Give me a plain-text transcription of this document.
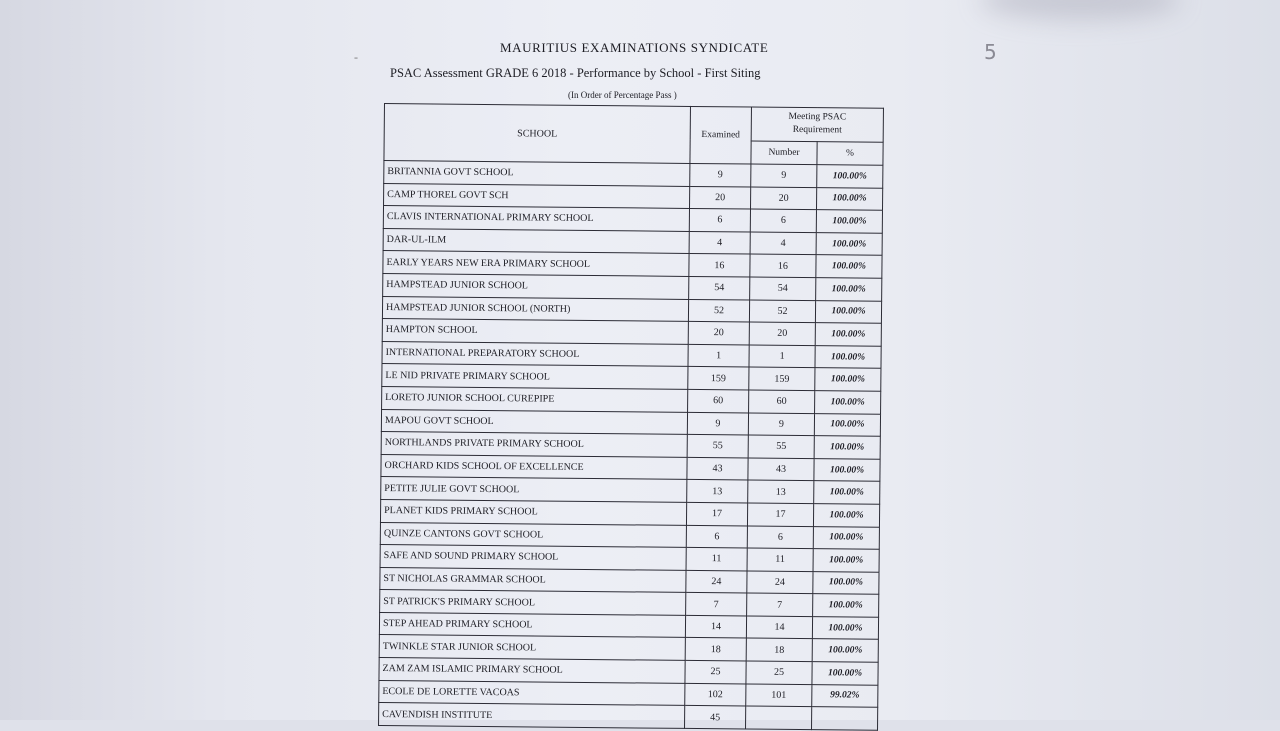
5
-
MAURITIUS EXAMINATIONS SYNDICATE
PSAC Assessment GRADE 6 2018 - Performance by School - First Siting
(In Order of Percentage Pass )
SCHOOL	Examined	Meeting PSAC
Requirement	

		Number	%
BRITANNIA GOVT SCHOOL	9	9	100.00%
CAMP THOREL GOVT SCH	20	20	100.00%
CLAVIS INTERNATIONAL PRIMARY SCHOOL	6	6	100.00%
DAR-UL-ILM	4	4	100.00%
EARLY YEARS NEW ERA PRIMARY SCHOOL	16	16	100.00%
HAMPSTEAD JUNIOR SCHOOL	54	54	100.00%
HAMPSTEAD JUNIOR SCHOOL (NORTH)	52	52	100.00%
HAMPTON SCHOOL	20	20	100.00%
INTERNATIONAL PREPARATORY SCHOOL	1	1	100.00%
LE NID PRIVATE PRIMARY SCHOOL	159	159	100.00%
LORETO JUNIOR SCHOOL CUREPIPE	60	60	100.00%
MAPOU GOVT SCHOOL	9	9	100.00%
NORTHLANDS PRIVATE PRIMARY SCHOOL	55	55	100.00%
ORCHARD KIDS SCHOOL OF EXCELLENCE	43	43	100.00%
PETITE JULIE GOVT SCHOOL	13	13	100.00%
PLANET KIDS PRIMARY SCHOOL	17	17	100.00%
QUINZE CANTONS GOVT SCHOOL	6	6	100.00%
SAFE AND SOUND PRIMARY SCHOOL	11	11	100.00%
ST NICHOLAS GRAMMAR SCHOOL	24	24	100.00%
ST PATRICK'S PRIMARY SCHOOL	7	7	100.00%
STEP AHEAD PRIMARY SCHOOL	14	14	100.00%
TWINKLE STAR JUNIOR SCHOOL	18	18	100.00%
ZAM ZAM ISLAMIC PRIMARY SCHOOL	25	25	100.00%
ECOLE DE LORETTE VACOAS	102	101	99.02%
CAVENDISH INSTITUTE	45		
